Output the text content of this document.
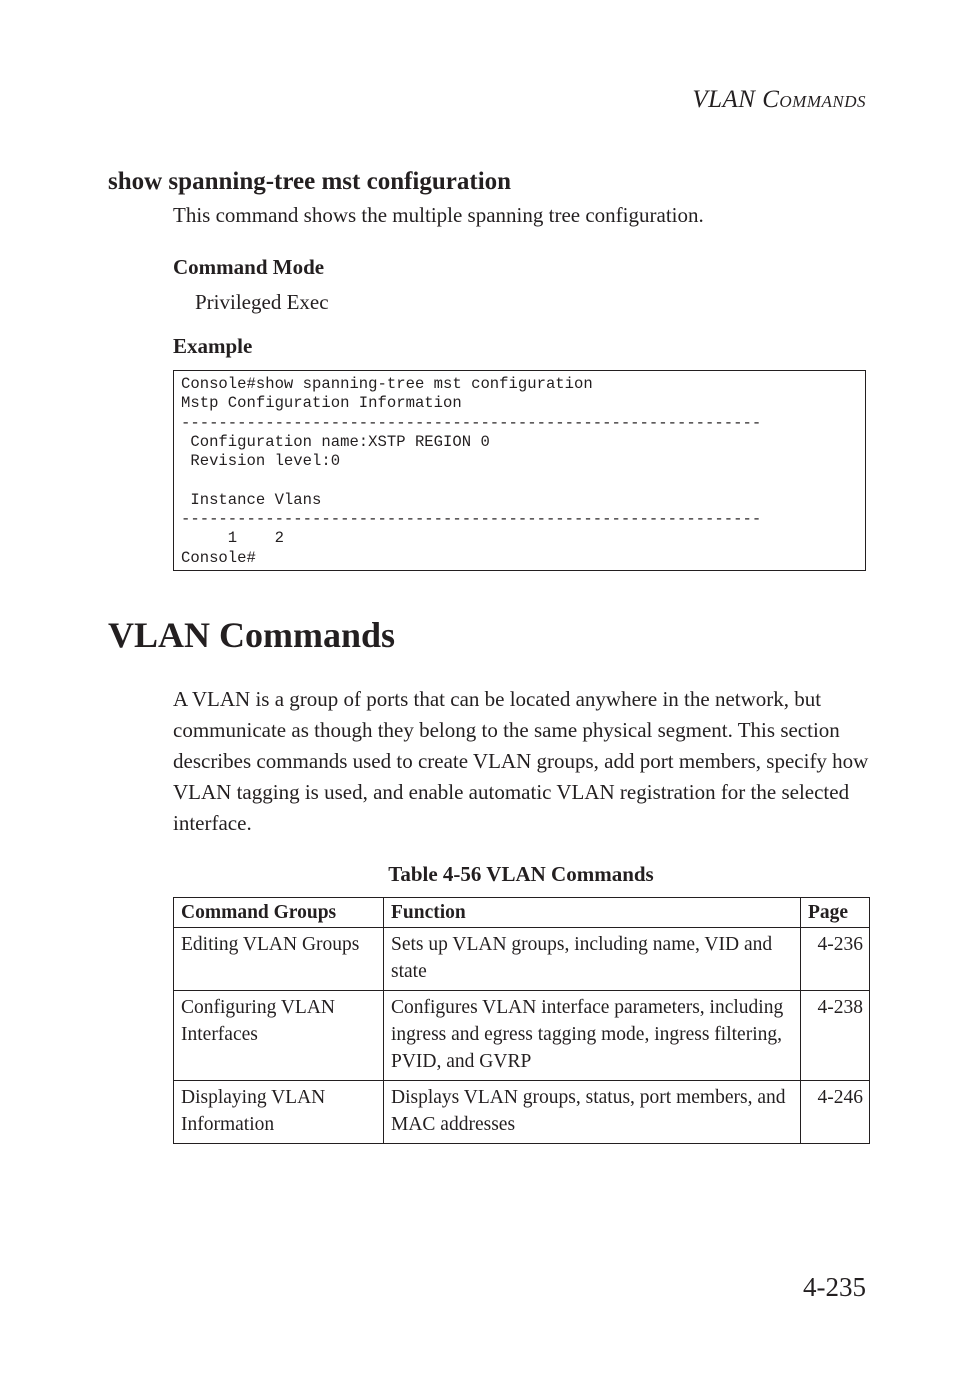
VLAN COMMANDS
show spanning-tree mst configuration
This command shows the multiple spanning tree configuration.
Command Mode
Privileged Exec
Example
Console#show spanning-tree mst configuration
Mstp Configuration Information
--------------------------------------------------------------
Configuration name:XSTP REGION 0
Revision level:0

Instance Vlans
--------------------------------------------------------------
1    2
Console#
VLAN Commands
A VLAN is a group of ports that can be located anywhere in the network, but communicate as though they belong to the same physical segment. This section describes commands used to create VLAN groups, add port members, specify how VLAN tagging is used, and enable automatic VLAN registration for the selected interface.
Table 4-56 VLAN Commands
Command Groups	Function	Page
Editing VLAN Groups	Sets up VLAN groups, including name, VID and state	4-236
Configuring VLAN Interfaces	Configures VLAN interface parameters, including ingress and egress tagging mode, ingress filtering, PVID, and GVRP	4-238
Displaying VLAN Information	Displays VLAN groups, status, port members, and MAC addresses	4-246
4-235
